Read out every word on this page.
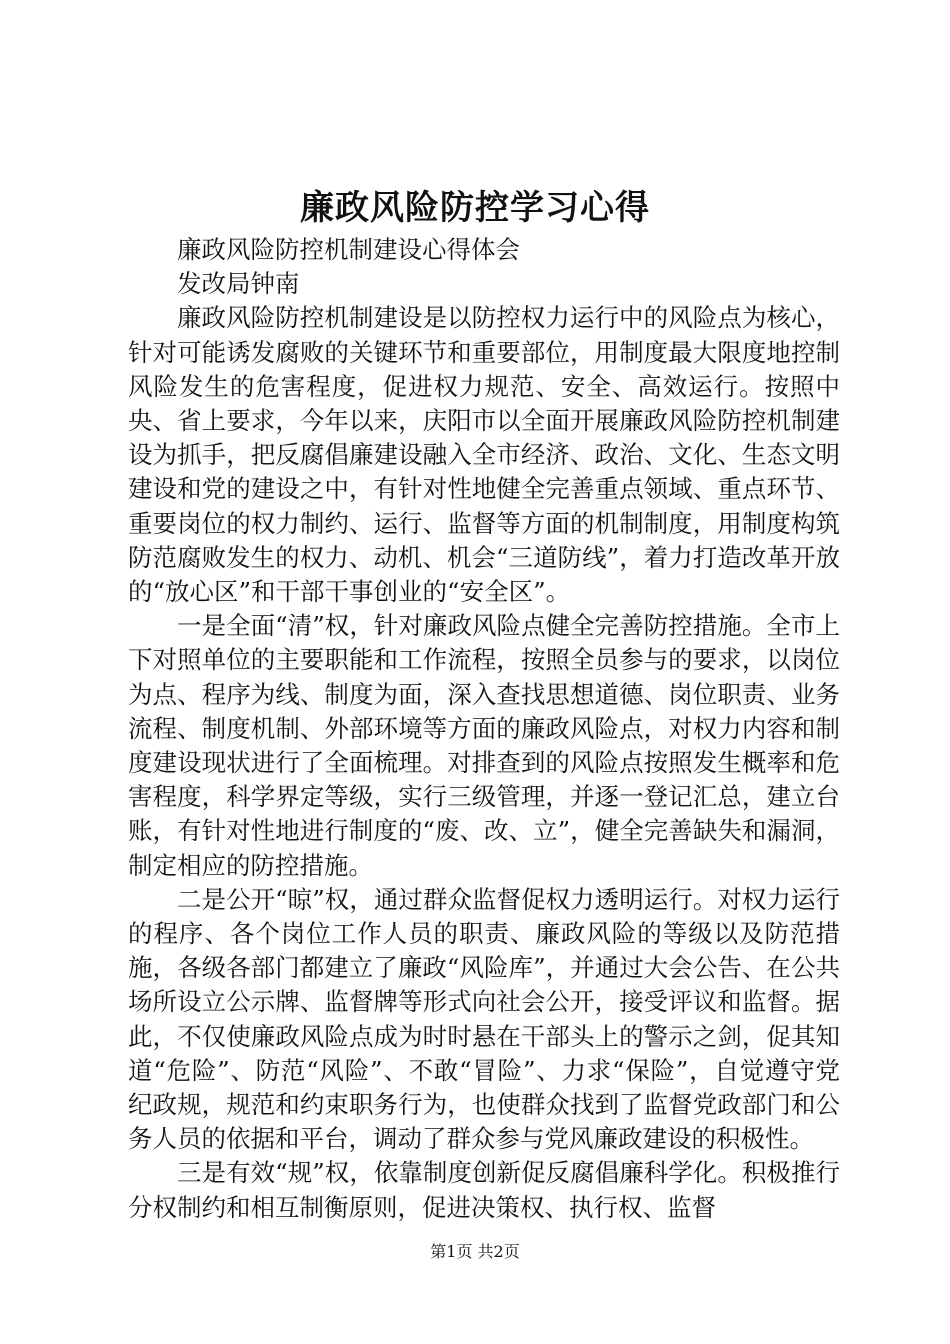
廉政风险防控学习心得

廉政风险防控机制建设心得体会

发改局钟南

廉政风险防控机制建设是以防控权力运行中的风险点为核心，针对可能诱发腐败的关键环节和重要部位，用制度最大限度地控制风险发生的危害程度，促进权力规范、安全、高效运行。按照中央、省上要求，今年以来，庆阳市以全面开展廉政风险防控机制建设为抓手，把反腐倡廉建设融入全市经济、政治、文化、生态文明建设和党的建设之中，有针对性地健全完善重点领域、重点环节、重要岗位的权力制约、运行、监督等方面的机制制度，用制度构筑防范腐败发生的权力、动机、机会“三道防线”，着力打造改革开放的“放心区”和干部干事创业的“安全区”。

一是全面“清”权，针对廉政风险点健全完善防控措施。全市上下对照单位的主要职能和工作流程，按照全员参与的要求，以岗位为点、程序为线、制度为面，深入查找思想道德、岗位职责、业务流程、制度机制、外部环境等方面的廉政风险点，对权力内容和制度建设现状进行了全面梳理。对排查到的风险点按照发生概率和危害程度，科学界定等级，实行三级管理，并逐一登记汇总，建立台账，有针对性地进行制度的“废、改、立”，健全完善缺失和漏洞，制定相应的防控措施。

二是公开“晾”权，通过群众监督促权力透明运行。对权力运行的程序、各个岗位工作人员的职责、廉政风险的等级以及防范措施，各级各部门都建立了廉政“风险库”，并通过大会公告、在公共场所设立公示牌、监督牌等形式向社会公开，接受评议和监督。据此，不仅使廉政风险点成为时时悬在干部头上的警示之剑，促其知道“危险”、防范“风险”、不敢“冒险”、力求“保险”，自觉遵守党纪政规，规范和约束职务行为，也使群众找到了监督党政部门和公务人员的依据和平台，调动了群众参与党风廉政建设的积极性。

三是有效“规”权，依靠制度创新促反腐倡廉科学化。积极推行分权制约和相互制衡原则，促进决策权、执行权、监督

第1页 共2页
